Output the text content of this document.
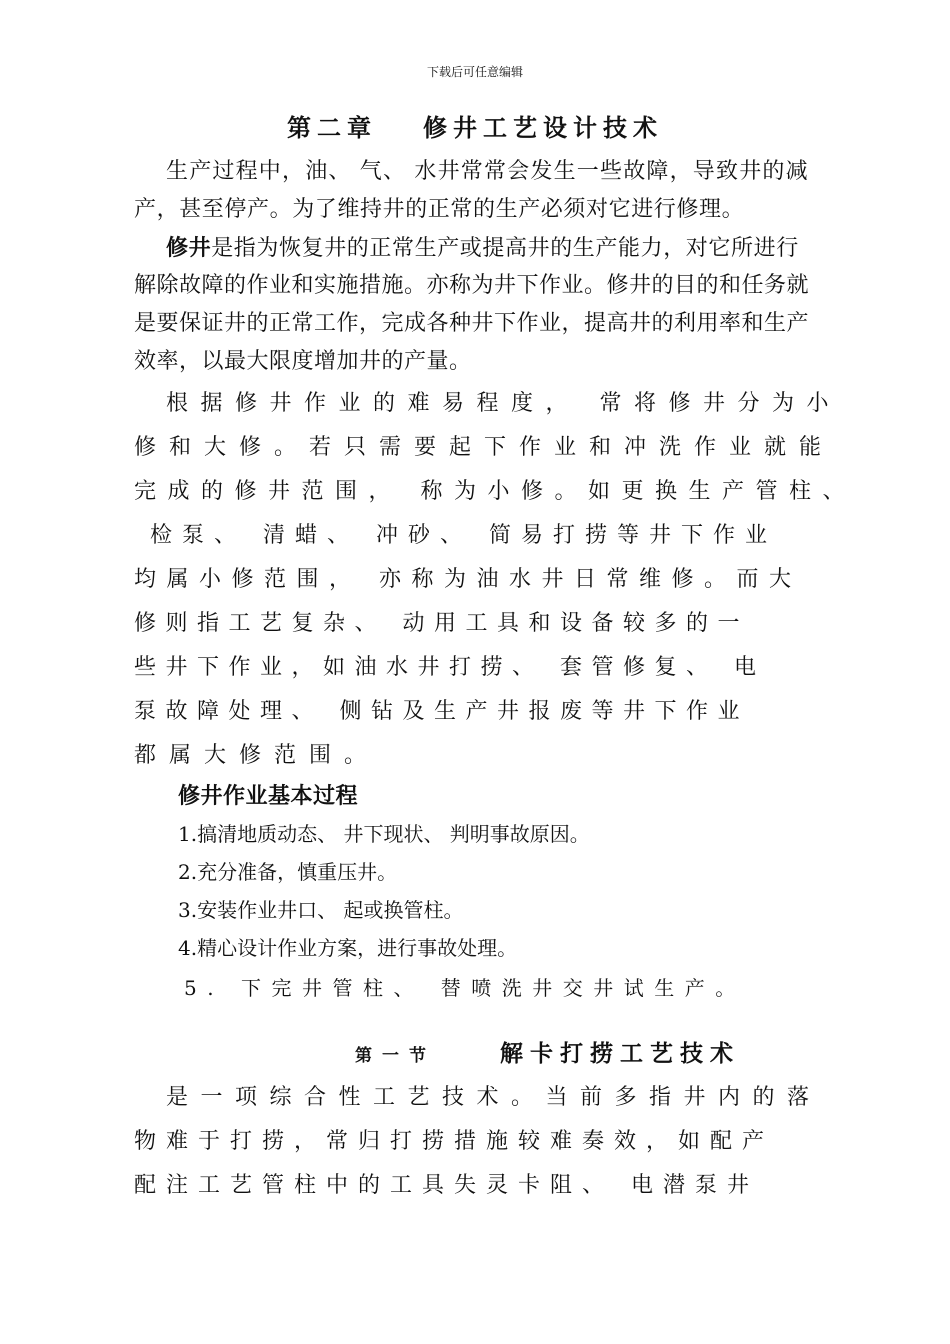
下载后可任意编辑
第二章 修井工艺设计技术
生产过程中，油、 气、 水井常常会发生一些故障，导致井的减
产，甚至停产。为了维持井的正常的生产必须对它进行修理。
修井是指为恢复井的正常生产或提高井的生产能力，对它所进行
解除故障的作业和实施措施。亦称为井下作业。修井的目的和任务就
是要保证井的正常工作，完成各种井下作业，提高井的利用率和生产
效率，以最大限度增加井的产量。
根据修井作业的难易程度， 常将修井分为小
修和大修。若只需要起下作业和冲洗作业就能
完成的修井范围， 称为小修。如更换生产管柱、
检泵、 清蜡、 冲砂、 简易打捞等井下作业
均属小修范围， 亦称为油水井日常维修。而大
修则指工艺复杂、 动用工具和设备较多的一
些井下作业，如油水井打捞、 套管修复、 电
泵故障处理、 侧钻及生产井报废等井下作业
都属大修范围。
修井作业基本过程
1.搞清地质动态、 井下现状、 判明事故原因。
2.充分准备，慎重压井。
3.安装作业井口、 起或换管柱。
4.精心设计作业方案，进行事故处理。
5. 下完井管柱、 替喷洗井交井试生产。
第一节	解卡打捞工艺技术
是一项综合性工艺技术。当前多指井内的落
物难于打捞，常归打捞措施较难奏效，如配产
配注工艺管柱中的工具失灵卡阻、 电潜泵井
